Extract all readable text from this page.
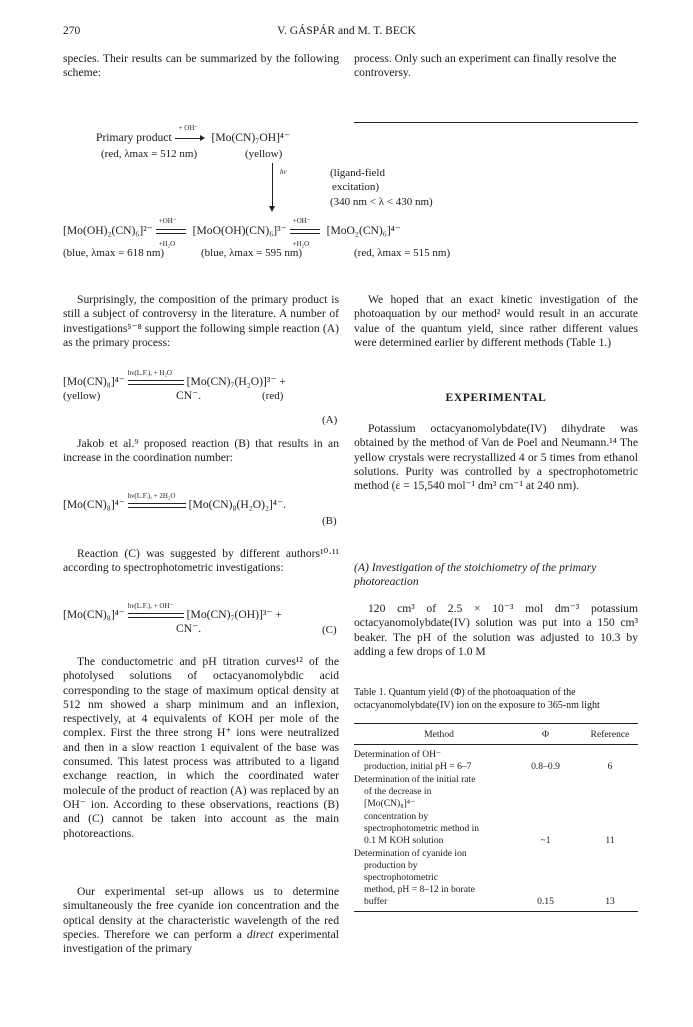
270	V. GÁSPÁR and M. T. BECK
species. Their results can be summarized by the following scheme:
process. Only such an experiment can finally resolve the controversy.
Primary product
+ OH⁻
[Mo(CN)₇OH]⁴⁻
(red, λmax = 512 nm)	(yellow)
hν	(ligand-field
excitation)
(340 nm < λ < 430 nm)
[Mo(OH)₂(CN)₆]²⁻
+OH⁻
+H₂O
[MoO(OH)(CN)₆]³⁻
+OH⁻
+H₂O
[MoO₂(CN)₆]⁴⁻
(blue, λmax = 618 nm)	(blue, λmax = 595 nm)	(red, λmax = 515 nm)
Surprisingly, the composition of the primary product is still a subject of controversy in the literature. A number of investigations⁵⁻⁸ support the following simple reaction (A) as the primary process:
[Mo(CN)₈]⁴⁻
hν(L.F.), + H₂O
[Mo(CN)₇(H₂O)]³⁻ +
(yellow)	CN⁻.	(red)
(A)
Jakob et al.⁹ proposed reaction (B) that results in an increase in the coordination number:
[Mo(CN)₈]⁴⁻
hν(L.F.), + 2H₂O
[Mo(CN)₈(H₂O)₂]⁴⁻.
(B)
Reaction (C) was suggested by different authors¹⁰·¹¹ according to spectrophotometric investigations:
[Mo(CN)₈]⁴⁻
hν(L.F.), + OH⁻
[Mo(CN)₇(OH)]³⁻ +
CN⁻.	(C)
The conductometric and pH titration curves¹² of the photolysed solutions of octacyanomolybdic acid corresponding to the stage of maximum optical density at 512 nm showed a sharp minimum and an inflexion, respectively, at 4 equivalents of KOH per mole of the complex. First the three strong H⁺ ions were neutralized and then in a slow reaction 1 equivalent of the base was consumed. This latest process was attributed to a ligand exchange reaction, in which the coordinated water molecule of the product of reaction (A) was replaced by an OH⁻ ion. According to these observations, reactions (B) and (C) cannot be taken into account as the main photoreactions.
Our experimental set-up allows us to determine simultaneously the free cyanide ion concentration and the optical density at the characteristic wavelength of the red species. Therefore we can perform a direct experimental investigation of the primary
We hoped that an exact kinetic investigation of the photoaquation by our method² would result in an accurate value of the quantum yield, since rather different values were determined earlier by different methods (Table 1.)
EXPERIMENTAL
Potassium octacyanomolybdate(IV) dihydrate was obtained by the method of Van de Poel and Neumann.¹⁴ The yellow crystals were recrystallized 4 or 5 times from ethanol solutions. Purity was controlled by a spectrophotometric method (ε = 15,540 mol⁻¹ dm³ cm⁻¹ at 240 nm).
(A) Investigation of the stoichiometry of the primary photoreaction
120 cm³ of 2.5 × 10⁻³ mol dm⁻³ potassium octacyanomolybdate(IV) solution was put into a 150 cm³ beaker. The pH of the solution was adjusted to 10.3 by adding a few drops of 1.0 M
Table 1. Quantum yield (Φ) of the photoaquation of the octacyanomolybdate(IV) ion on the exposure to 365-nm light
Method	Φ	Reference
Determination of OH⁻
production, initial pH = 6–7	0.8–0.9	6
Determination of the initial rate
of the decrease in
[Mo(CN)₈]⁴⁻
concentration by
spectrophotometric method in
0.1 M KOH solution	~1	11
Determination of cyanide ion
production by
spectrophotometric
method, pH = 8–12 in borate
buffer	0.15	13
